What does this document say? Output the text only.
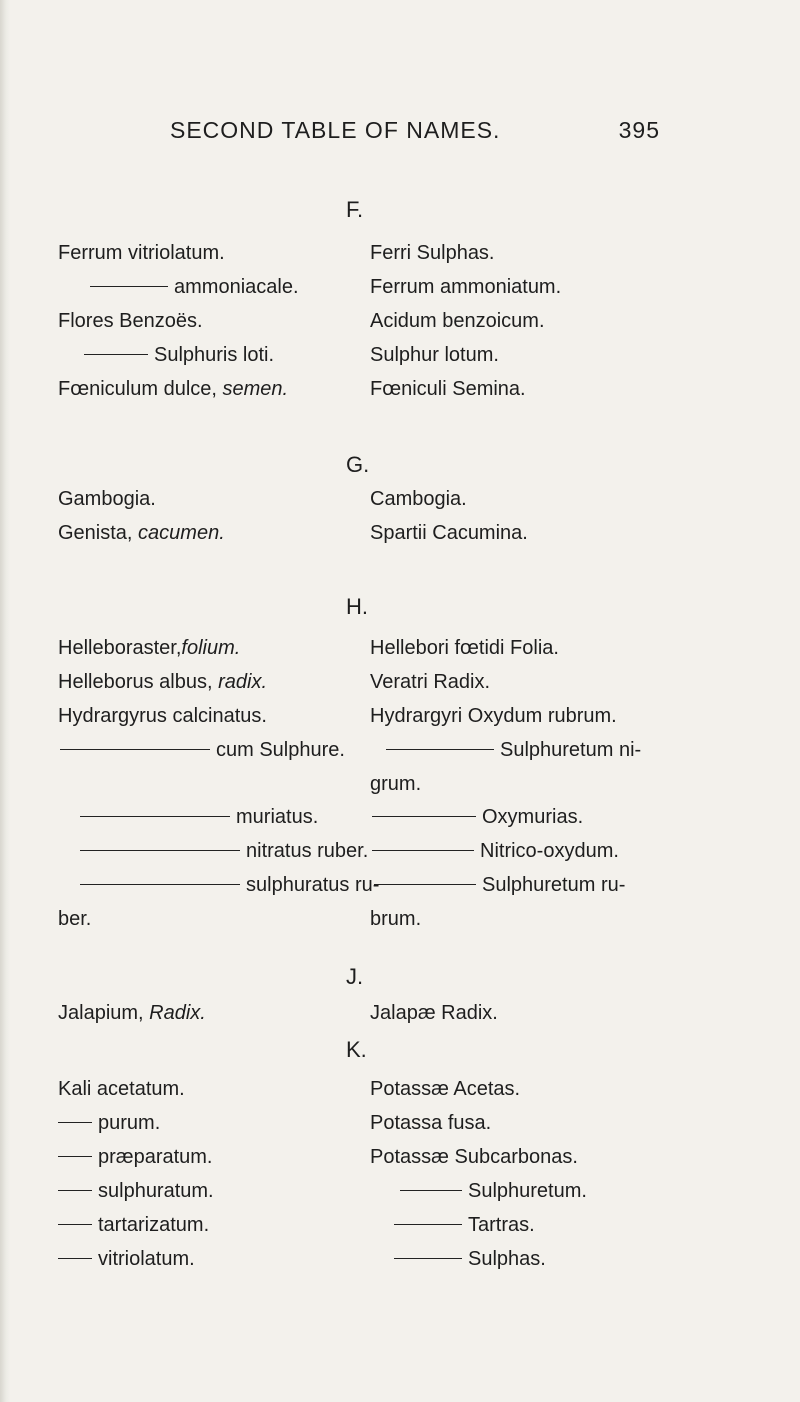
SECOND TABLE OF NAMES.	395
F.
Ferrum vitriolatum.
ammoniacale.
Flores Benzoës.
Sulphuris loti.
Fœniculum dulce, semen.
Ferri Sulphas.
Ferrum ammoniatum.
Acidum benzoicum.
Sulphur lotum.
Fœniculi Semina.
G.
Gambogia.
Genista, cacumen.
Cambogia.
Spartii Cacumina.
H.
Helleboraster,folium.
Helleborus albus, radix.
Hydrargyrus calcinatus.
cum Sulphure.
muriatus.
nitratus ruber.
sulphuratus ru-
ber.
Hellebori fœtidi Folia.
Veratri Radix.
Hydrargyri Oxydum rubrum.
Sulphuretum ni-
grum.
Oxymurias.
Nitrico-oxydum.
Sulphuretum ru-
brum.
J.
Jalapium, Radix.	Jalapæ Radix.
K.
Kali acetatum.
purum.
præparatum.
sulphuratum.
tartarizatum.
vitriolatum.
Potassæ Acetas.
Potassa fusa.
Potassæ Subcarbonas.
Sulphuretum.
Tartras.
Sulphas.
